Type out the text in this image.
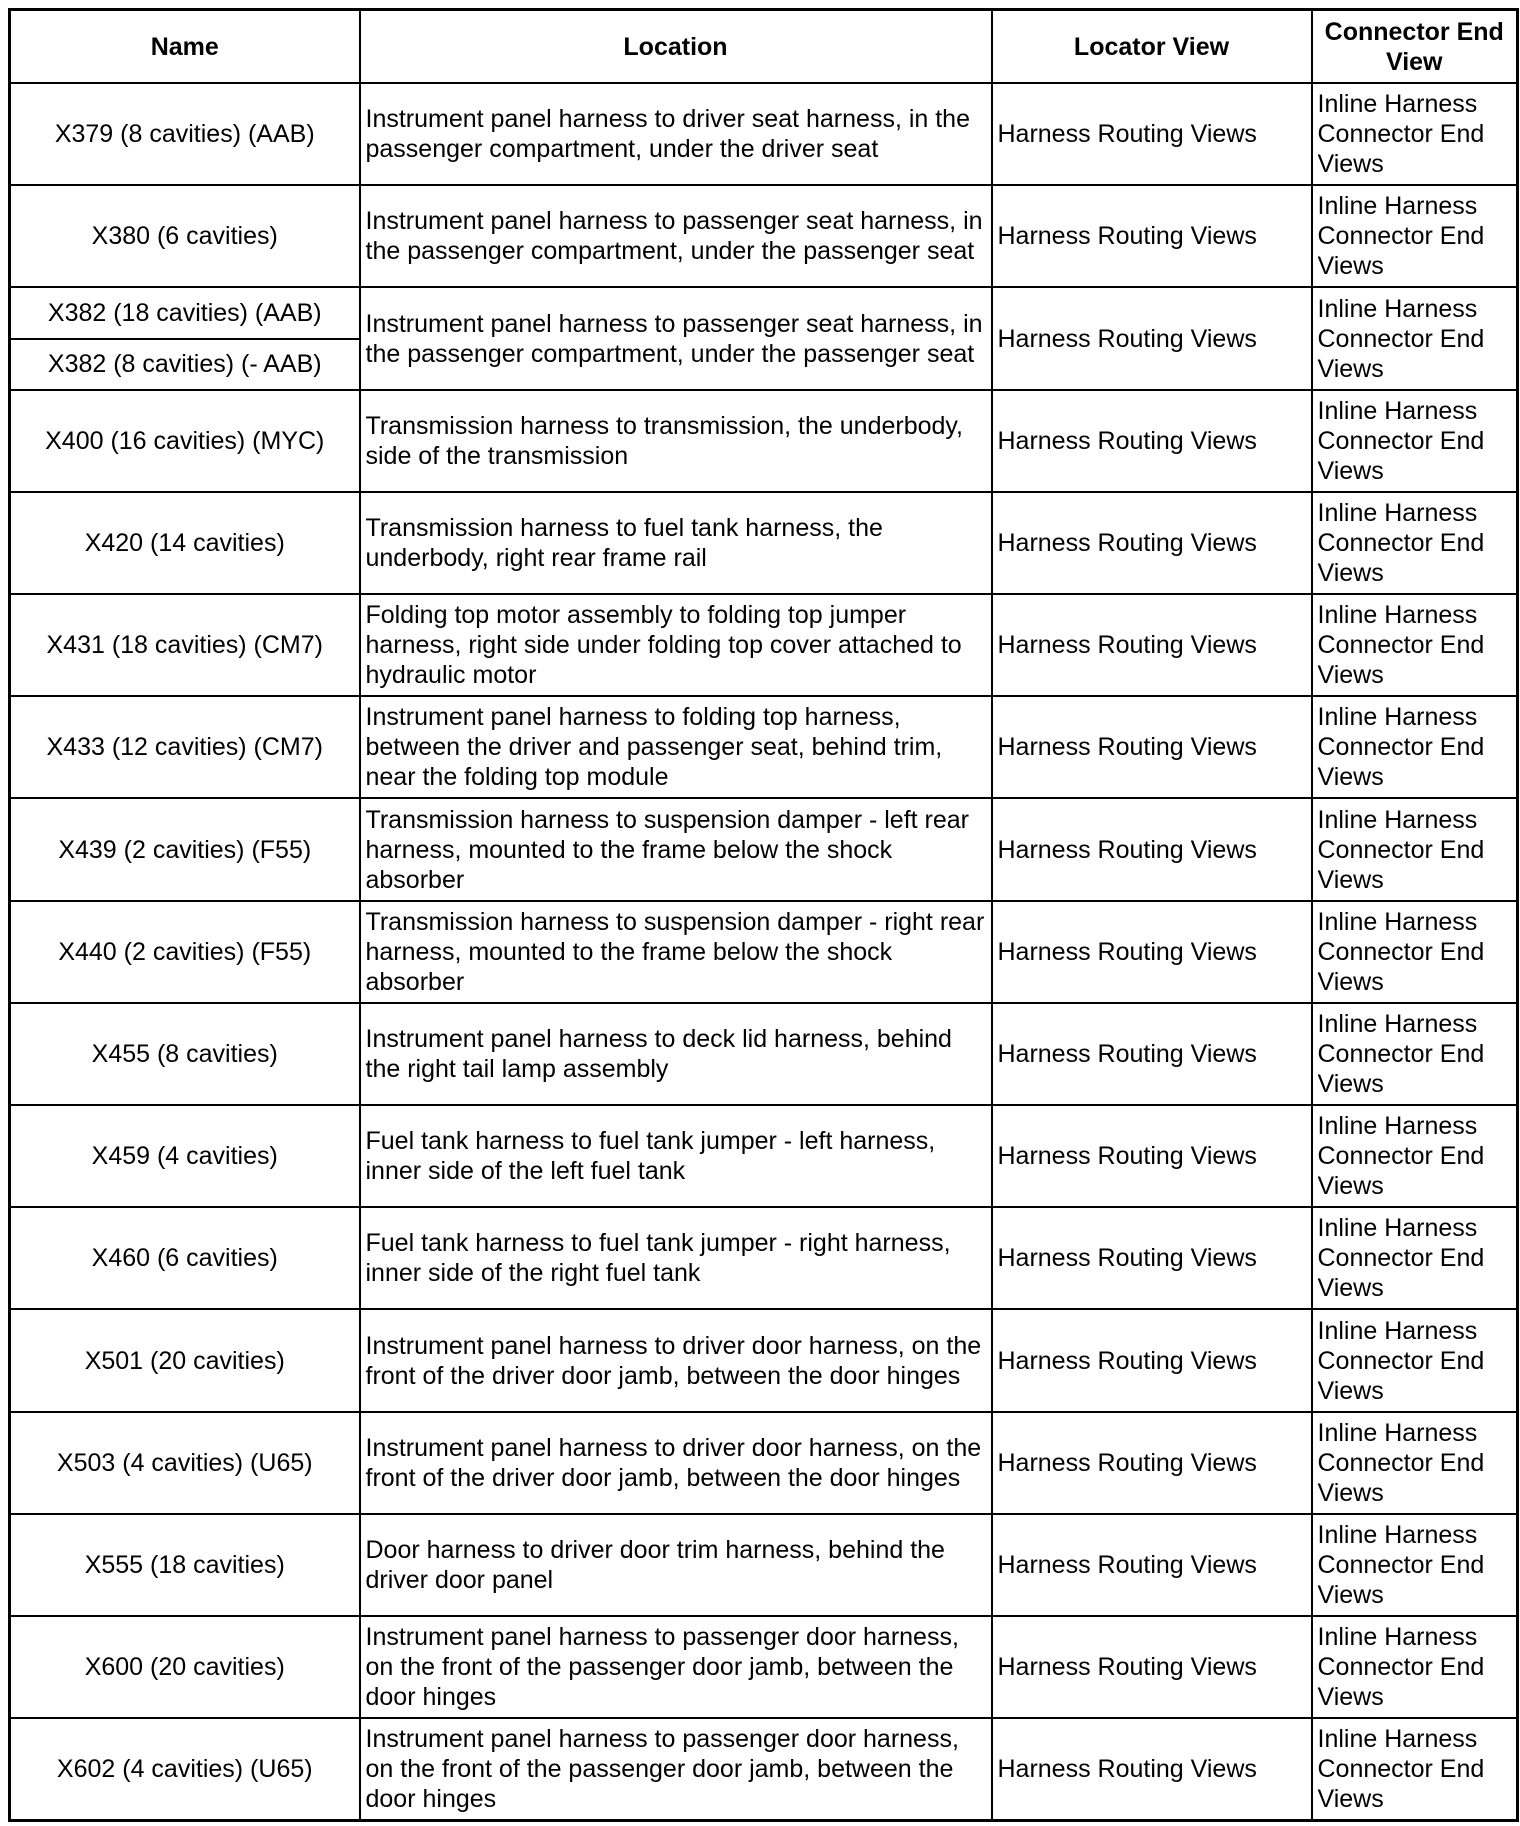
Name	Location	Locator View	Connector End View
X379 (8 cavities) (AAB)	Instrument panel harness to driver seat harness, in the passenger compartment, under the driver seat	Harness Routing Views	Inline Harness Connector End Views
X380 (6 cavities)	Instrument panel harness to passenger seat harness, in the passenger compartment, under the passenger seat	Harness Routing Views	Inline Harness Connector End Views
X382 (18 cavities) (AAB)	Instrument panel harness to passenger seat harness, in the passenger compartment, under the passenger seat	Harness Routing Views	Inline Harness Connector End Views
X382 (8 cavities) (- AAB)			
X400 (16 cavities) (MYC)	Transmission harness to transmission, the underbody, side of the transmission	Harness Routing Views	Inline Harness Connector End Views
X420 (14 cavities)	Transmission harness to fuel tank harness, the underbody, right rear frame rail	Harness Routing Views	Inline Harness Connector End Views
X431 (18 cavities) (CM7)	Folding top motor assembly to folding top jumper harness, right side under folding top cover attached to hydraulic motor	Harness Routing Views	Inline Harness Connector End Views
X433 (12 cavities) (CM7)	Instrument panel harness to folding top harness, between the driver and passenger seat, behind trim, near the folding top module	Harness Routing Views	Inline Harness Connector End Views
X439 (2 cavities) (F55)	Transmission harness to suspension damper - left rear harness, mounted to the frame below the shock absorber	Harness Routing Views	Inline Harness Connector End Views
X440 (2 cavities) (F55)	Transmission harness to suspension damper - right rear harness, mounted to the frame below the shock absorber	Harness Routing Views	Inline Harness Connector End Views
X455 (8 cavities)	Instrument panel harness to deck lid harness, behind the right tail lamp assembly	Harness Routing Views	Inline Harness Connector End Views
X459 (4 cavities)	Fuel tank harness to fuel tank jumper - left harness, inner side of the left fuel tank	Harness Routing Views	Inline Harness Connector End Views
X460 (6 cavities)	Fuel tank harness to fuel tank jumper - right harness, inner side of the right fuel tank	Harness Routing Views	Inline Harness Connector End Views
X501 (20 cavities)	Instrument panel harness to driver door harness, on the front of the driver door jamb, between the door hinges	Harness Routing Views	Inline Harness Connector End Views
X503 (4 cavities) (U65)	Instrument panel harness to driver door harness, on the front of the driver door jamb, between the door hinges	Harness Routing Views	Inline Harness Connector End Views
X555 (18 cavities)	Door harness to driver door trim harness, behind the driver door panel	Harness Routing Views	Inline Harness Connector End Views
X600 (20 cavities)	Instrument panel harness to passenger door harness, on the front of the passenger door jamb, between the door hinges	Harness Routing Views	Inline Harness Connector End Views
X602 (4 cavities) (U65)	Instrument panel harness to passenger door harness, on the front of the passenger door jamb, between the door hinges	Harness Routing Views	Inline Harness Connector End Views
